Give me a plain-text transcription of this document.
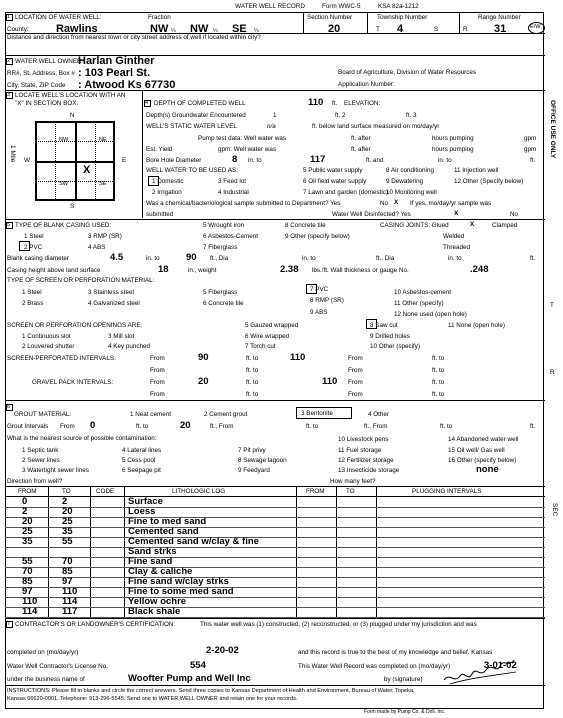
WATER WELL RECORD	Form WWC-5	KSA 82a-1212
1 LOCATION OF WATER WELL:
County: Rawlins
Fraction
NW ¼ NW ¼ SE ¼
Section Number
20
Township Number
T 4	S
Range Number
R 31	E/W
Distance and direction from nearest town or city street address of well if located within city?
2 WATER WELL OWNER:
Harlan Ginther
RR#, St. Address, Box # : 103 Pearl St.
City, State, ZIP Code : Atwood Ks 67730
Board of Agriculture, Division of Water Resources
Application Number:
3 LOCATE WELL'S LOCATION WITH AN "X" IN SECTION BOX:
N
S
W	E
1 Mile
NW	NE
SW	SE
X
4 DEPTH OF COMPLETED WELL	110 ft. ELEVATION:
Depth(s) Groundwater Encountered	1	ft. 2	ft. 3
WELL'S STATIC WATER LEVEL	n/a	ft. below land surface measured on mo/day/yr
Pump test data: Well water was	ft. after	hours pumping	gpm
Est. Yield	gpm: Well water was	ft. after	hours pumping	gpm
Bore Hole Diameter	8 in. to	117	ft. and	in. to	ft.
WELL WATER TO BE USED AS:	5 Public water supply	8 Air conditioning	11 Injection well
1 Domestic	3 Feed lot	6 Oil field water supply	9 Dewatering	12 Other (Specify below)
2 Irrigation	4 Industrial	7 Lawn and garden (domestic)
10 Monitoring well
Was a chemical/bacteriological sample submitted to Department? Yes	No X If yes, mo/day/yr sample was
submitted	Water Well Disinfected? Yes	X	No
5 TYPE OF BLANK CASING USED:	5 Wrought iron	8 Concrete tile	CASING JOINTS: Glued	X	Clamped
1 Steel	3 RMP (SR)	6 Asbestos-Cement	9 Other (specify below)	Welded
2 PVC	4 ABS	7 Fiberglass	Threaded
Blank casing diameter	4.5	in. to	90 ft., Dia	in. to	ft., Dia	in. to	ft.
Casing height above land surface	18	in., weight	2.38 lbs./ft. Wall thickness or gauge No.	.248
TYPE OF SCREEN OR PERFORATION MATERIAL:
1 Steel	3 Stainless steel	5 Fiberglass	7 PVC	10 Asbestos-cement
2 Brass	4 Galvanized steel	6 Concrete tile	8 RMP (SR)	11 Other (specify)
9 ABS	12 None used (open hole)
SCREEN OR PERFORATION OPENINGS ARE:	5 Gauzed wrapped	8 Saw cut	11 None (open hole)
1 Continuous slot	3 Mill slot	6 Wire wrapped	9 Drilled holes
2 Louvered shutter	4 Key punched	7 Torch cut	10 Other (specify)
SCREEN-PERFORATED INTERVALS:	From	90	ft. to	110	From	ft. to
From	ft. to	From	ft. to
GRAVEL PACK INTERVALS:	From	20	ft. to	110 From	ft. to
From	ft. to	From	ft. to
6
GROUT MATERIAL:	1 Neat cement	2 Cement grout	3 Bentonite	4 Other
Grout Intervals From 0	ft. to	20	ft., From	ft. to	ft., From	ft. to	ft.
What is the nearest source of possible contamination:
1 Septic tank	4 Lateral lines	7 Pit privy
10 Livestock pens	14 Abandoned water well
2 Sewer lines	5 Cess pool	8 Sewage lagoon
11 Fuel storage	15 Oil well/ Gas well
3 Watertight sewer lines	6 Seepage pit	9 Feedyard
12 Fertilizer storage	16 Other (specify below)
13 Insecticide storage	none
Direction from well?	How many feet?
FROM	TO	CODE	LITHOLOGIC LOG	FROM	TO	PLUGGING INTERVALS
0	2	Surface
2	20	Loess
20	25	Fine to med sand
25	35	Cemented sand
35	55	Cemented sand w/clay & fine
Sand strks
55	70	Fine sand
70	85	Clay & caliche
85	97	Fine sand w/clay strks
97	110	Fine to some med sand
110	114	Yellow ochre
114	117	Black shale
7 CONTRACTOR'S OR LANDOWNER'S CERTIFICATION:	This water well was (1) constructed, (2) reconstructed, or (3) plugged under my jurisdiction and was
completed on (mo/day/yr)	2-20-02	and this record is true to the best of my knowledge and belief. Kansas
Water Well Contractor's License No.	554	This Water Well Record was completed on (mo/day/yr)	3-01-02
under the business name of	Woofter Pump and Well Inc	by (signature)
INSTRUCTIONS: Please fill in blanks and circle the correct answers. Send three copies to Kansas Department of Health and Environment, Bureau of Water, Topeka,
Kansas 66620-0001. Telephone: 913-296-5545. Send one to WATER WELL OWNER and retain one for your records.
Form made by Pump Co. & Drill, Inc.
OFFICE USE ONLY
T
R
SEC
